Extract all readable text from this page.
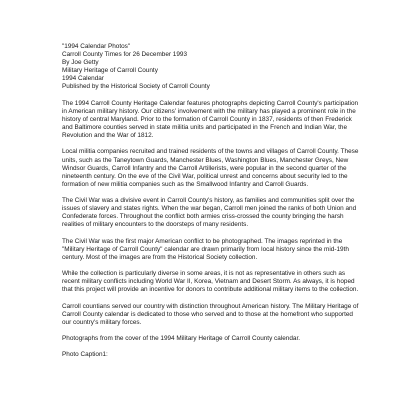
"1994 Calendar Photos"
Carroll County Times for 26 December 1993
By Joe Getty
Military Heritage of Carroll County
1994 Calendar
Published by the Historical Society of Carroll County

The 1994 Carroll County Heritage Calendar features photographs depicting Carroll County's participation in American military history. Our citizens' involvement with the military has played a prominent role in the history of central Maryland. Prior to the formation of Carroll County in 1837, residents of then Frederick and Baltimore counties served in state militia units and participated in the French and Indian War, the Revolution and the War of 1812.

Local militia companies recruited and trained residents of the towns and villages of Carroll County. These units, such as the Taneytown Guards, Manchester Blues, Washington Blues, Manchester Greys, New Windsor Guards, Carroll Infantry and the Carroll Artillerists, were popular in the second quarter of the nineteenth century. On the eve of the Civil War, political unrest and concerns about security led to the formation of new militia companies such as the Smallwood Infantry and Carroll Guards.

The Civil War was a divisive event in Carroll County's history, as families and communities split over the issues of slavery and states rights. When the war began, Carroll men joined the ranks of both Union and Confederate forces. Throughout the conflict both armies criss-crossed the county bringing the harsh realities of military encounters to the doorsteps of many residents.

The Civil War was the first major American conflict to be photographed. The images reprinted in the "Military Heritage of Carroll County" calendar are drawn primarily from local history since the mid-19th century. Most of the images are from the Historical Society collection.

While the collection is particularly diverse in some areas, it is not as representative in others such as recent military conflicts including World War II, Korea, Vietnam and Desert Storm. As always, it is hoped that this project will provide an incentive for donors to contribute additional military items to the collection.

Carroll countians served our country with distinction throughout American history. The Military Heritage of Carroll County calendar is dedicated to those who served and to those at the homefront who supported our country's military forces.

Photographs from the cover of the 1994 Military Heritage of Carroll County calendar.

Photo Caption1:
